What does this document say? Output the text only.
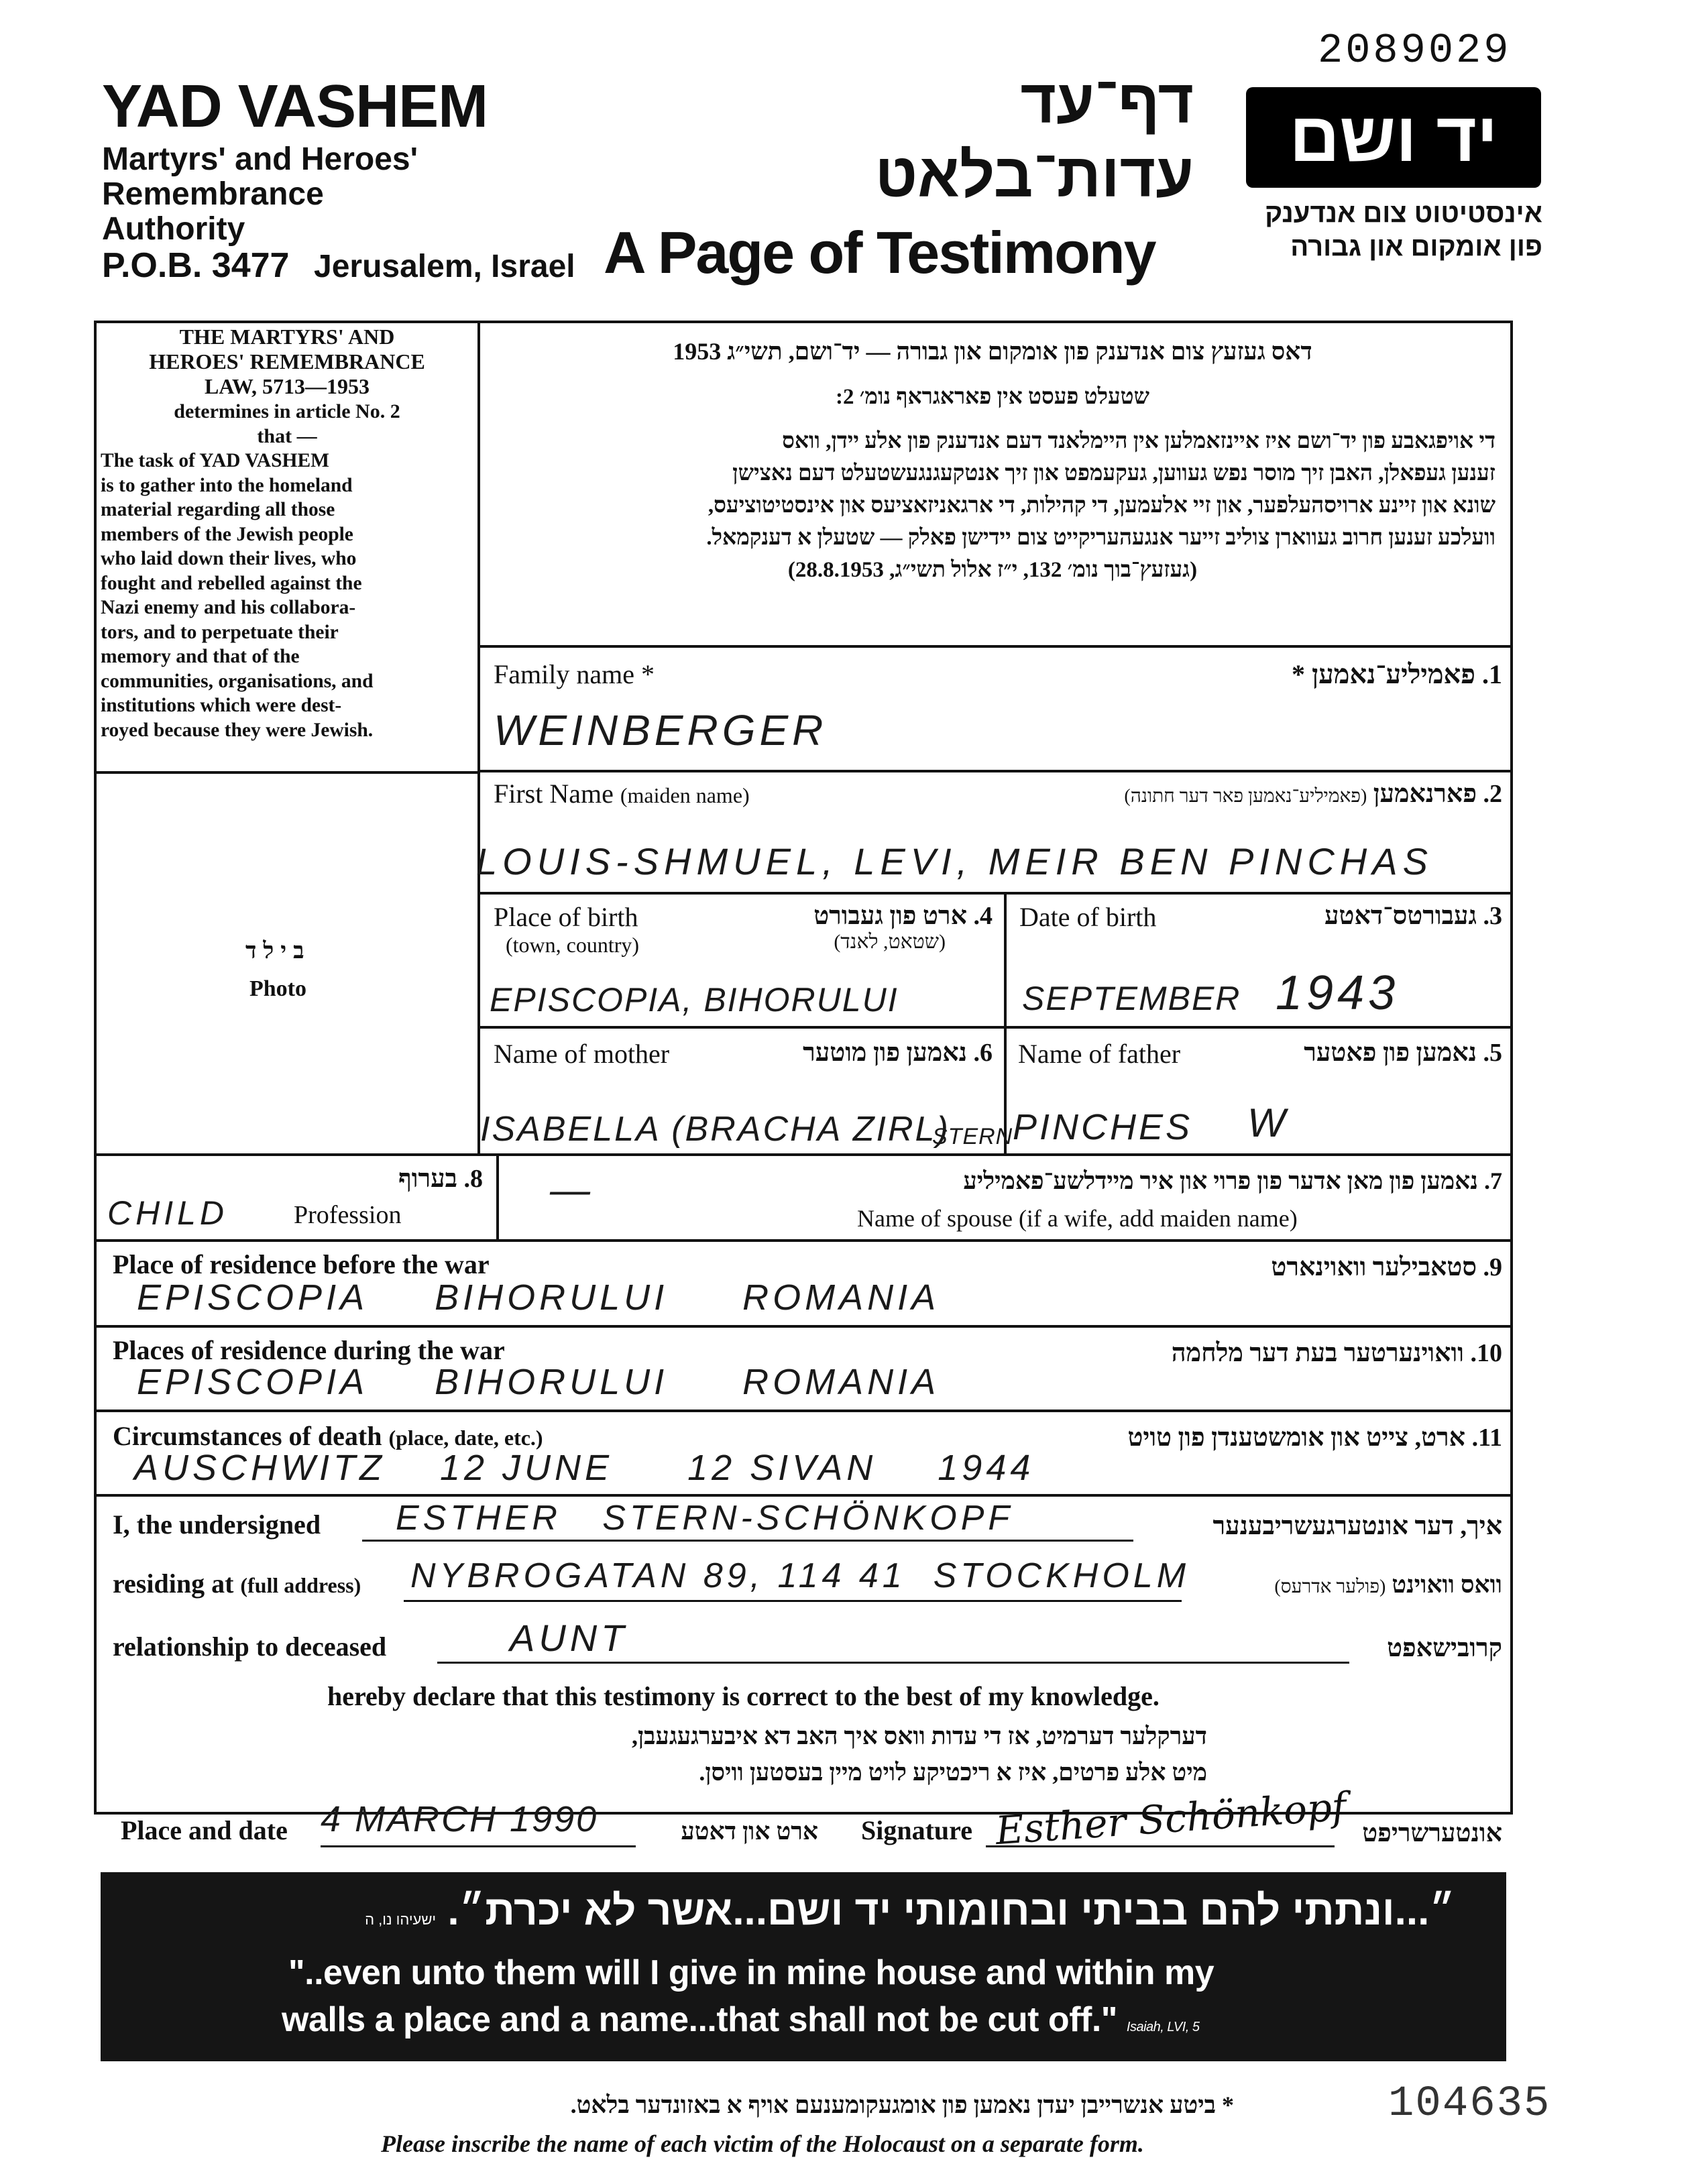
2089029
YAD VASHEM
Martyrs' and Heroes'
Remembrance
Authority
P.O.B. 3477 Jerusalem, Israel
דף־עד
עדות־בלאט
A Page of Testimony
יד ושם
אינסטיטוט צום אנדענק
פון אומקום און גבורה
THE MARTYRS' AND
HEROES' REMEMBRANCE
LAW, 5713—1953
determines in article No. 2
that —
The task of YAD VASHEM
is to gather into the homeland
material regarding all those
members of the Jewish people
who laid down their lives, who
fought and rebelled against the
Nazi enemy and his collabora-
tors, and to perpetuate their
memory and that of the
communities, organisations, and
institutions which were dest-
royed because they were Jewish.
דאס געזעץ צום אנדענק פון אומקום און גבורה — יד־ושם, תשי״ג 1953
שטעלט פעסט אין פאראגראף נומ׳ 2:
די אויפגאבע פון יד־ושם איז איינזאמלען אין היימלאנד דעם אנדענק פון אלע יידן, וואס
זענען געפאלן, האבן זיך מוסר נפש געווען, געקעמפט און זיך אנטקעגנגעשטעלט דעם נאצישן
שונא און זיינע ארויסהעלפער, און זיי אלעמען, די קהילות, די ארגאניזאציעס און אינסטיטוציעס,
וועלכע זענען חרוב געווארן צוליב זייער אנגעהעריקייט צום יידישן פאלק — שטעלן א דענקמאל.
(געזעץ־בוך נומ׳ 132, י״ז אלול תשי״ג, 28.8.1953)
בילד
Photo
Family name *	1. פאמיליע־נאמען *
WEINBERGER
First Name (maiden name)	2. פארנאמען (פאמיליע־נאמען פאר דער חתונה)
LOUIS-SHMUEL, LEVI, MEIR BEN PINCHAS
Place of birth
(town, country)
4. ארט פון געבורט
(שטאט, לאנד)
EPISCOPIA, BIHORULUI
Date of birth	3. געבורטס־דאטע
SEPTEMBER 1943
Name of mother	6. נאמען פון מוטער
ISABELLA (BRACHA ZIRL)
STERN
Name of father	5. נאמען פון פאטער
PINCHES W
8. בערוף
Profession
CHILD
7. נאמען פון מאן אדער פון פרוי און איר מיידלשע־פאמיליע
Name of spouse (if a wife, add maiden name)
—
Place of residence before the war	9. סטאבילער וואוינארט
EPISCOPIA BIHORULUI ROMANIA
Places of residence during the war	10. וואוינערטער בעת דער מלחמה
EPISCOPIA BIHORULUI ROMANIA
Circumstances of death (place, date, etc.)	11. ארט, צייט און אומשטענדן פון טויט
AUSCHWITZ 12 JUNE 12 SIVAN 1944
I, the undersigned ESTHER   STERN-SCHÖNKOPF	איך, דער אונטערגעשריבענער
residing at (full address) NYBROGATAN 89, 114 41  STOCKHOLM	וואס וואוינט (פולער אדרעס)
relationship to deceased	AUNT	קרובישאפט
hereby declare that this testimony is correct to the best of my knowledge.
דערקלער דערמיט, אז די עדות וואס איך האב דא איבערגעגעבן,
מיט אלע פרטים, איז א ריכטיקע לויט מיין בעסטען וויסן.
Place and date 4 MARCH 1990	ארט און דאטע Signature Esther Schönkopf אונטערשריפט
״...ונתתי להם בביתי ובחומותי יד ושם...אשר לא יכרת״. ישעיהו נו, ה
"..even unto them will I give in mine house and within my
walls a place and a name...that shall not be cut off." Isaiah, LVI, 5
* ביטע אנשרייבן יעדן נאמען פון אומגעקומענעם אויף א באזונדער בלאט.
Please inscribe the name of each victim of the Holocaust on a separate form.
104635
